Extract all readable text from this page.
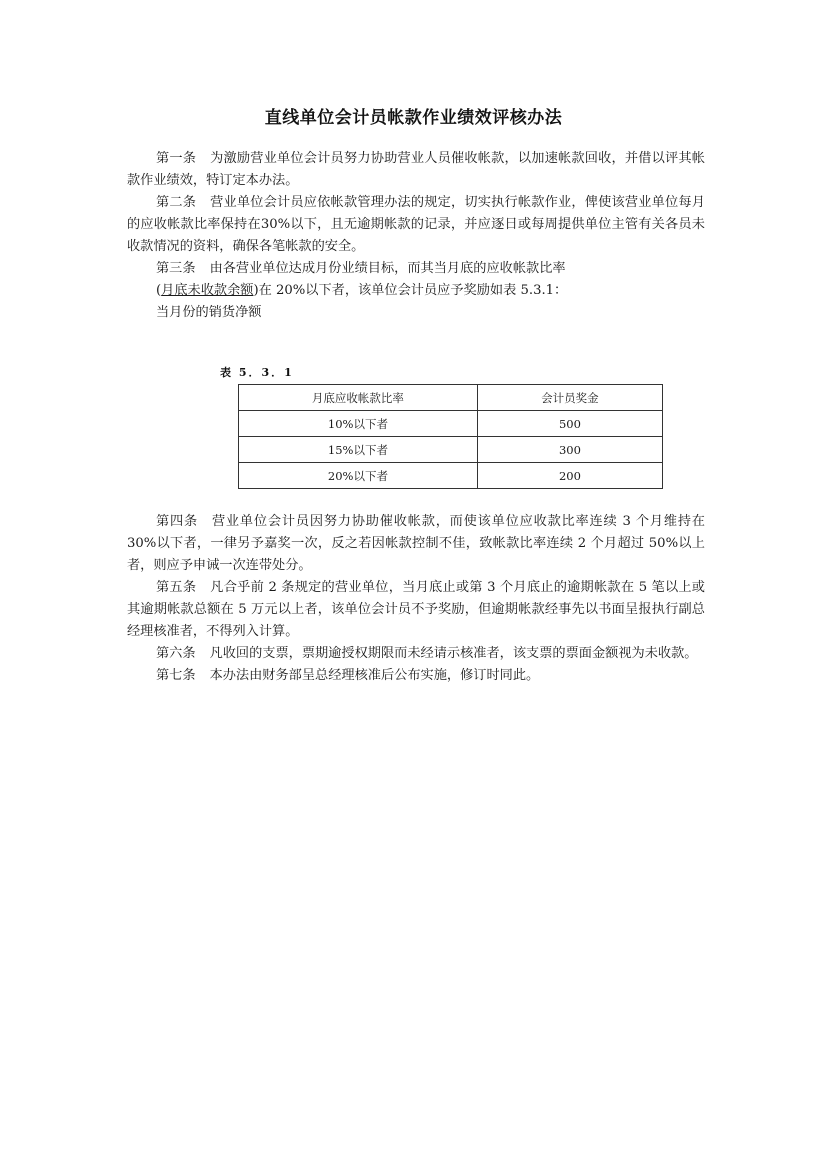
直线单位会计员帐款作业绩效评核办法

第一条 为激励营业单位会计员努力协助营业人员催收帐款，以加速帐款回收，并借以评其帐款作业绩效，特订定本办法。

第二条 营业单位会计员应依帐款管理办法的规定，切实执行帐款作业，俾使该营业单位每月的应收帐款比率保持在30%以下，且无逾期帐款的记录，并应逐日或每周提供单位主管有关各员未收款情况的资料，确保各笔帐款的安全。

第三条 由各营业单位达成月份业绩目标，而其当月底的应收帐款比率

(月底未收款余额)在 20%以下者，该单位会计员应予奖励如表 5.3.1：

当月份的销货净额

表 5．3．1
月底应收帐款比率	会计员奖金
10%以下者	500
15%以下者	300
20%以下者	200

第四条 营业单位会计员因努力协助催收帐款，而使该单位应收款比率连续 3 个月维持在 30%以下者，一律另予嘉奖一次，反之若因帐款控制不佳，致帐款比率连续 2 个月超过 50%以上者，则应予申诫一次连带处分。

第五条 凡合乎前 2 条规定的营业单位，当月底止或第 3 个月底止的逾期帐款在 5 笔以上或其逾期帐款总额在 5 万元以上者，该单位会计员不予奖励，但逾期帐款经事先以书面呈报执行副总经理核准者，不得列入计算。

第六条 凡收回的支票，票期逾授权期限而未经请示核准者，该支票的票面金额视为未收款。

第七条 本办法由财务部呈总经理核准后公布实施，修订时同此。
